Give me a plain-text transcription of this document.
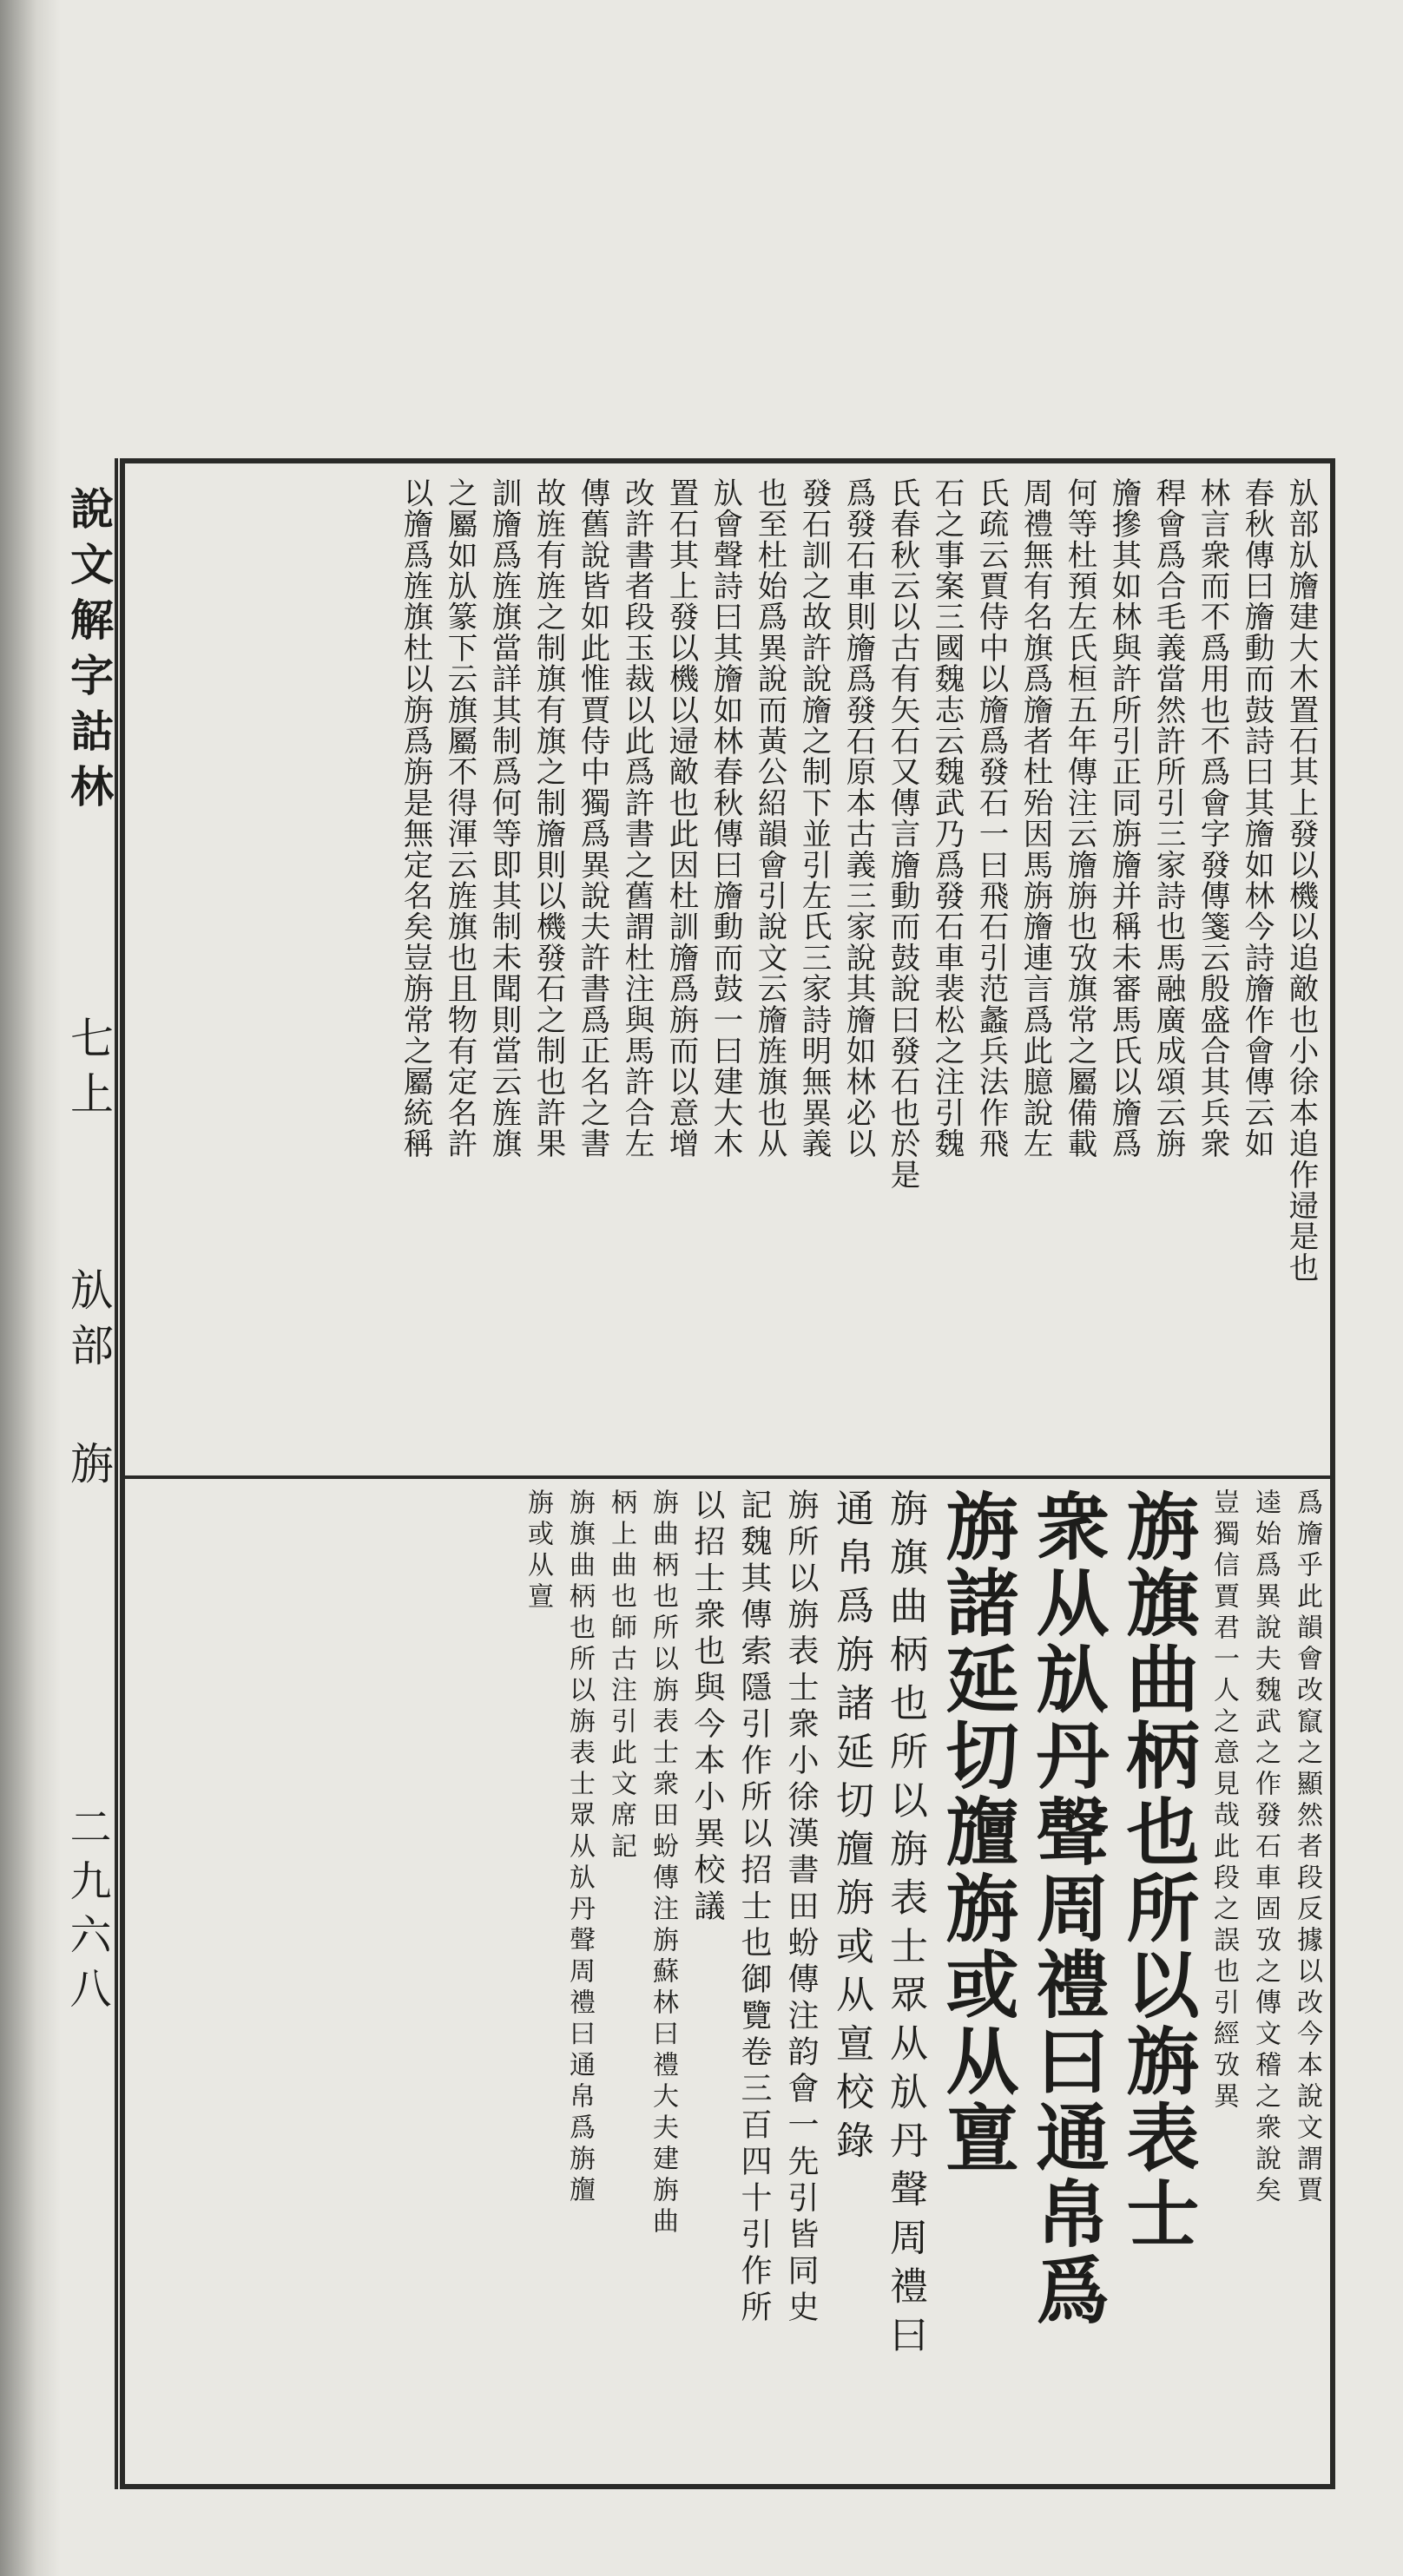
說文解字詁林
七上
㫃部
旃
二九六八
㫃部㫃旝建大木置石其上發以機以追敵也小徐本追作䢜是也
春秋傳曰旝動而鼓詩曰其旝如林今詩旝作會傳云如
林言衆而不爲用也不爲會字發傳箋云殷盛合其兵衆
稈會爲合毛義當然許所引三家詩也馬融廣成頌云旃
旝摻其如林與許所引正同旃旝并稱未審馬氏以旝爲
何等杜預左氏桓五年傳注云旝旃也攷旗常之屬備載
周禮無有名旗爲旝者杜殆因馬旃旝連言爲此臆說左
氏疏云賈侍中以旝爲發石一曰飛石引范蠡兵法作飛
石之事案三國魏志云魏武乃爲發石車裴松之注引魏
氏春秋云以古有矢石又傳言旝動而鼓說曰發石也於是
爲發石車則旝爲發石原本古義三家說其旝如林必以
發石訓之故許說旝之制下並引左氏三家詩明無異義
也至杜始爲異說而黃公紹韻會引說文云旝旌旗也从
㫃會聲詩曰其旝如林春秋傳曰旝動而鼓一曰建大木
置石其上發以機以䢜敵也此因杜訓旝爲旃而以意增
改許書者段玉裁以此爲許書之舊謂杜注與馬許合左
傳舊說皆如此惟賈侍中獨爲異說夫許書爲正名之書
故旌有旌之制旗有旗之制旝則以機發石之制也許果
訓旝爲旌旗當詳其制爲何等即其制未聞則當云旌旗
之屬如㫃篆下云旗屬不得渾云旌旗也且物有定名許
以旝爲旌旗杜以旃爲旃是無定名矣豈旃常之屬統稱
爲旝乎此韻會改竄之顯然者段反據以改今本說文謂賈
逵始爲異說夫魏武之作發石車固攷之傳文稽之衆說矣
豈獨信賈君一人之意見哉此段之誤也引經攷異
旃旗曲柄也所以旃表士
衆从㫃丹聲周禮曰通帛爲
旃諸延切旜旃或从亶
旃旗曲柄也所以旃表士眾从㫃丹聲周禮曰
通帛爲旃諸延切旜旃或从亶校錄
旃所以旃表士衆小徐漢書田蚡傳注韵會一先引皆同史
記魏其傳索隱引作所以招士也御覽卷三百四十引作所
以招士衆也與今本小異校議
旃曲柄也所以旃表士衆田蚡傳注旃蘇林曰禮大夫建旃曲
柄上曲也師古注引此文席記
旃旗曲柄也所以旃表士眾从㫃丹聲周禮曰通帛爲旃旜
旃或从亶
